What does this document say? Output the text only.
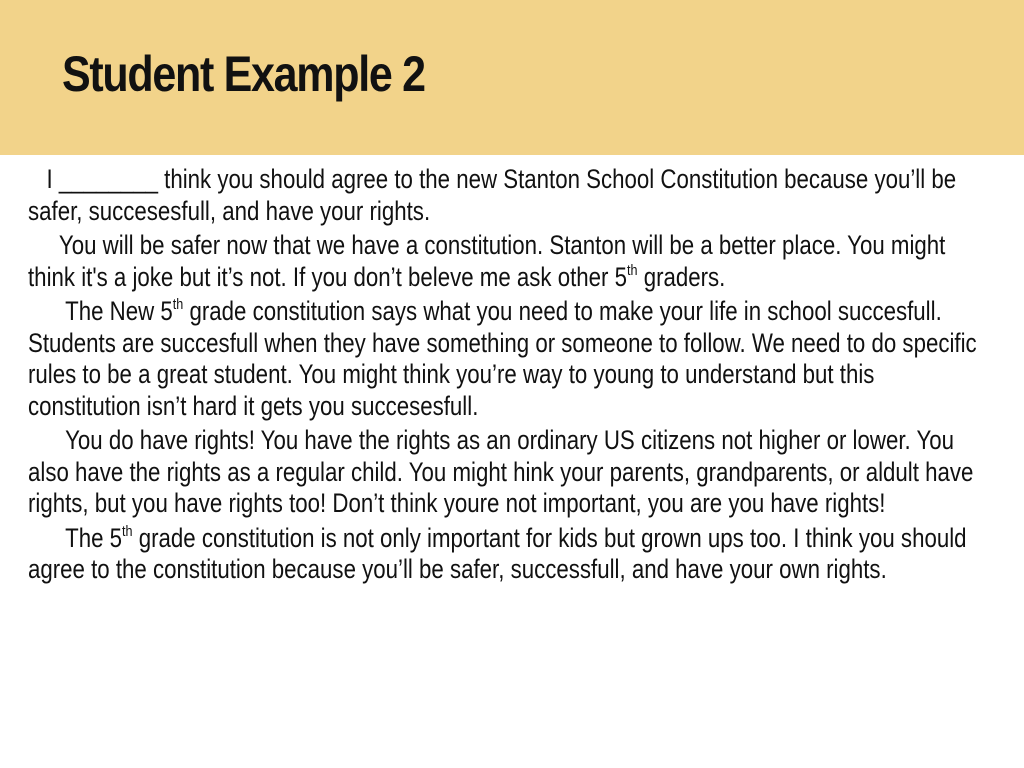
Student Example 2

I ________ think you should agree to the new Stanton School Constitution because you’ll be safer, succesesfull, and have your rights.

You will be safer now that we have a constitution. Stanton will be a better place. You might think it's a joke but it’s not. If you don’t beleve me ask other 5th graders.

The New 5th grade constitution says what you need to make your life in school succesfull. Students are succesfull when they have something or someone to follow. We need to do specific rules to be a great student. You might think you’re way to young to understand but this constitution isn’t hard it gets you succesesfull.

You do have rights! You have the rights as an ordinary US citizens not higher or lower. You also have the rights as a regular child. You might hink your parents, grandparents, or aldult have rights, but you have rights too! Don’t think youre not important, you are you have rights!

The 5th grade constitution is not only important for kids but grown ups too. I think you should agree to the constitution because you’ll be safer, successfull, and have your own rights.
